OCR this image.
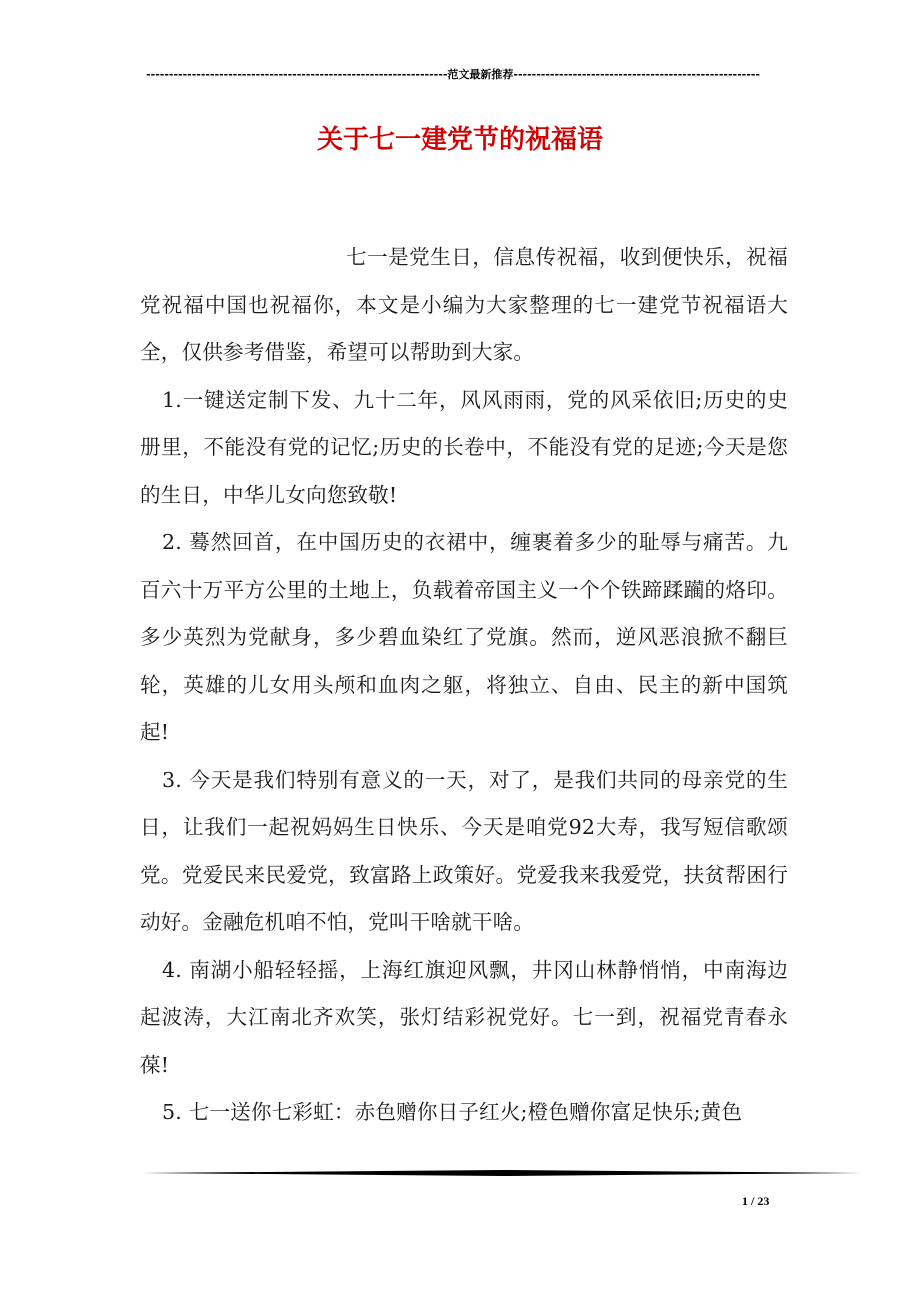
------------------------------------------------------------------范文最新推荐------------------------------------------------------
关于七一建党节的祝福语

七一是党生日，信息传祝福，收到便快乐，祝福党祝福中国也祝福你，本文是小编为大家整理的七一建党节祝福语大全，仅供参考借鉴，希望可以帮助到大家。

1.一键送定制下发、九十二年，风风雨雨，党的风采依旧;历史的史册里，不能没有党的记忆;历史的长卷中，不能没有党的足迹;今天是您的生日，中华儿女向您致敬!

2. 蓦然回首，在中国历史的衣裙中，缠裹着多少的耻辱与痛苦。九百六十万平方公里的土地上，负载着帝国主义一个个铁蹄蹂躏的烙印。多少英烈为党献身，多少碧血染红了党旗。然而，逆风恶浪掀不翻巨轮，英雄的儿女用头颅和血肉之躯，将独立、自由、民主的新中国筑起!

3. 今天是我们特别有意义的一天，对了，是我们共同的母亲党的生日，让我们一起祝妈妈生日快乐、今天是咱党92大寿，我写短信歌颂党。党爱民来民爱党，致富路上政策好。党爱我来我爱党，扶贫帮困行动好。金融危机咱不怕，党叫干啥就干啥。

4. 南湖小船轻轻摇，上海红旗迎风飘，井冈山林静悄悄，中南海边起波涛，大江南北齐欢笑，张灯结彩祝党好。七一到，祝福党青春永葆!

5. 七一送你七彩虹：赤色赠你日子红火;橙色赠你富足快乐;黄色

1 / 23
